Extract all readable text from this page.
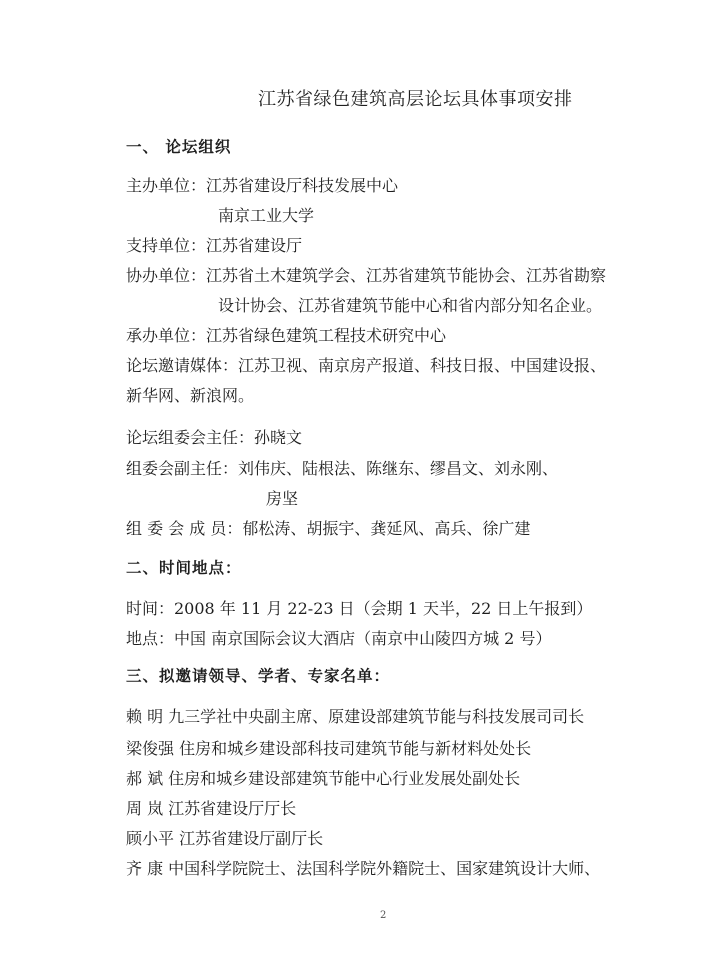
江苏省绿色建筑高层论坛具体事项安排
一、 论坛组织
主办单位：江苏省建设厅科技发展中心
南京工业大学
支持单位：江苏省建设厅
协办单位：江苏省土木建筑学会、江苏省建筑节能协会、江苏省勘察
设计协会、江苏省建筑节能中心和省内部分知名企业。
承办单位：江苏省绿色建筑工程技术研究中心
论坛邀请媒体：江苏卫视、南京房产报道、科技日报、中国建设报、
新华网、新浪网。
论坛组委会主任：孙晓文
组委会副主任：刘伟庆、陆根法、陈继东、缪昌文、刘永刚、
房坚
组 委 会 成 员：郁松涛、胡振宇、龚延风、高兵、徐广建
二、时间地点：
时间：2008 年 11 月 22-23 日（会期 1 天半，22 日上午报到）
地点：中国 南京国际会议大酒店（南京中山陵四方城 2 号）
三、拟邀请领导、学者、专家名单：
赖 明 九三学社中央副主席、原建设部建筑节能与科技发展司司长
梁俊强 住房和城乡建设部科技司建筑节能与新材料处处长
郝 斌 住房和城乡建设部建筑节能中心行业发展处副处长
周 岚 江苏省建设厅厅长
顾小平 江苏省建设厅副厅长
齐 康 中国科学院院士、法国科学院外籍院士、国家建筑设计大师、
2
